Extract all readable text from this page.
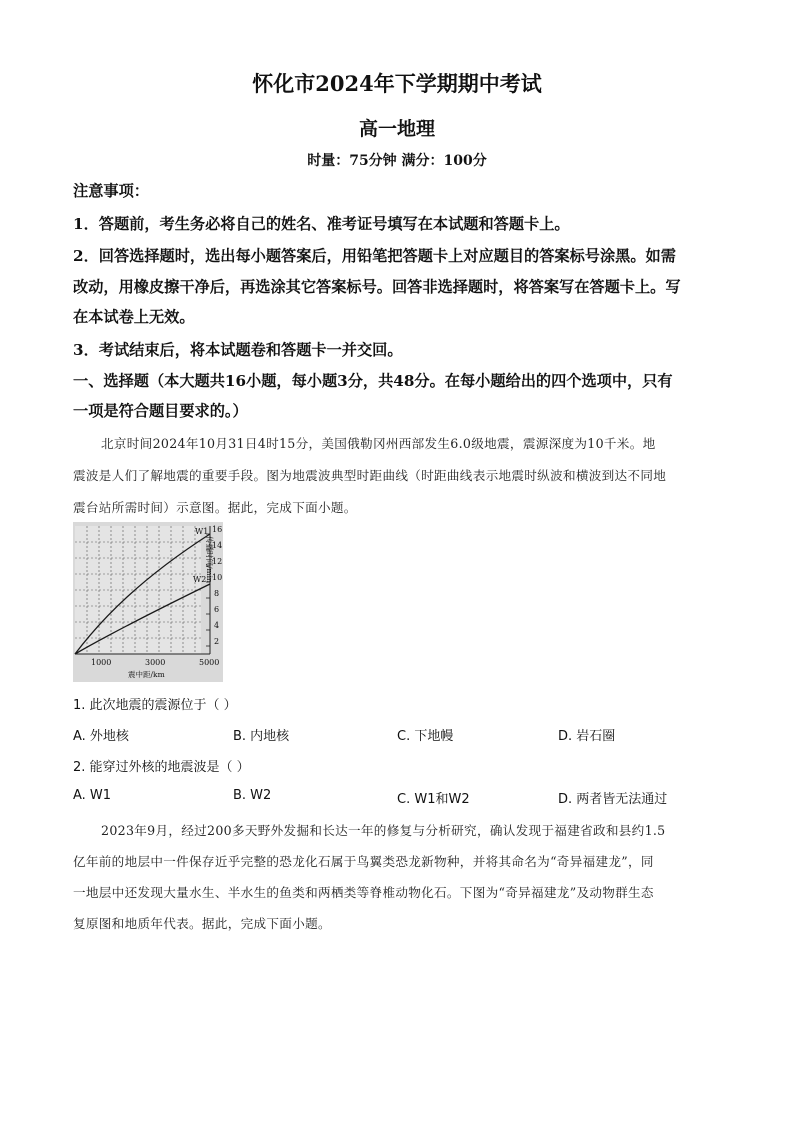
怀化市2024年下学期期中考试
高一地理
时量：75分钟 满分：100分
注意事项：
1．答题前，考生务必将自己的姓名、准考证号填写在本试题和答题卡上。
2．回答选择题时，选出每小题答案后，用铅笔把答题卡上对应题目的答案标号涂黑。如需
改动，用橡皮擦干净后，再选涂其它答案标号。回答非选择题时，将答案写在答题卡上。写
在本试卷上无效。
3．考试结束后，将本试题卷和答题卡一并交回。
一、选择题（本大题共16小题，每小题3分，共48分。在每小题给出的四个选项中，只有
一项是符合题目要求的。）
北京时间2024年10月31日4时15分，美国俄勒冈州西部发生6.0级地震，震源深度为10千米。地
震波是人们了解地震的重要手段。图为地震波典型时距曲线（时距曲线表示地震时纵波和横波到达不同地
震台站所需时间）示意图。据此，完成下面小题。
W1
W2
16
14
12
10
8
6
4
2
1000	3000	5000
震中距/km
传播时间/min
1. 此次地震的震源位于（ ）
A. 外地核	B. 内地核	C. 下地幔	D. 岩石圈
2. 能穿过外核的地震波是（ ）
A. W1	B. W2	C. W1和W2	D. 两者皆无法通过
2023年9月，经过200多天野外发掘和长达一年的修复与分析研究，确认发现于福建省政和县约1.5
亿年前的地层中一件保存近乎完整的恐龙化石属于鸟翼类恐龙新物种，并将其命名为“奇异福建龙”，同
一地层中还发现大量水生、半水生的鱼类和两栖类等脊椎动物化石。下图为“奇异福建龙”及动物群生态
复原图和地质年代表。据此，完成下面小题。
